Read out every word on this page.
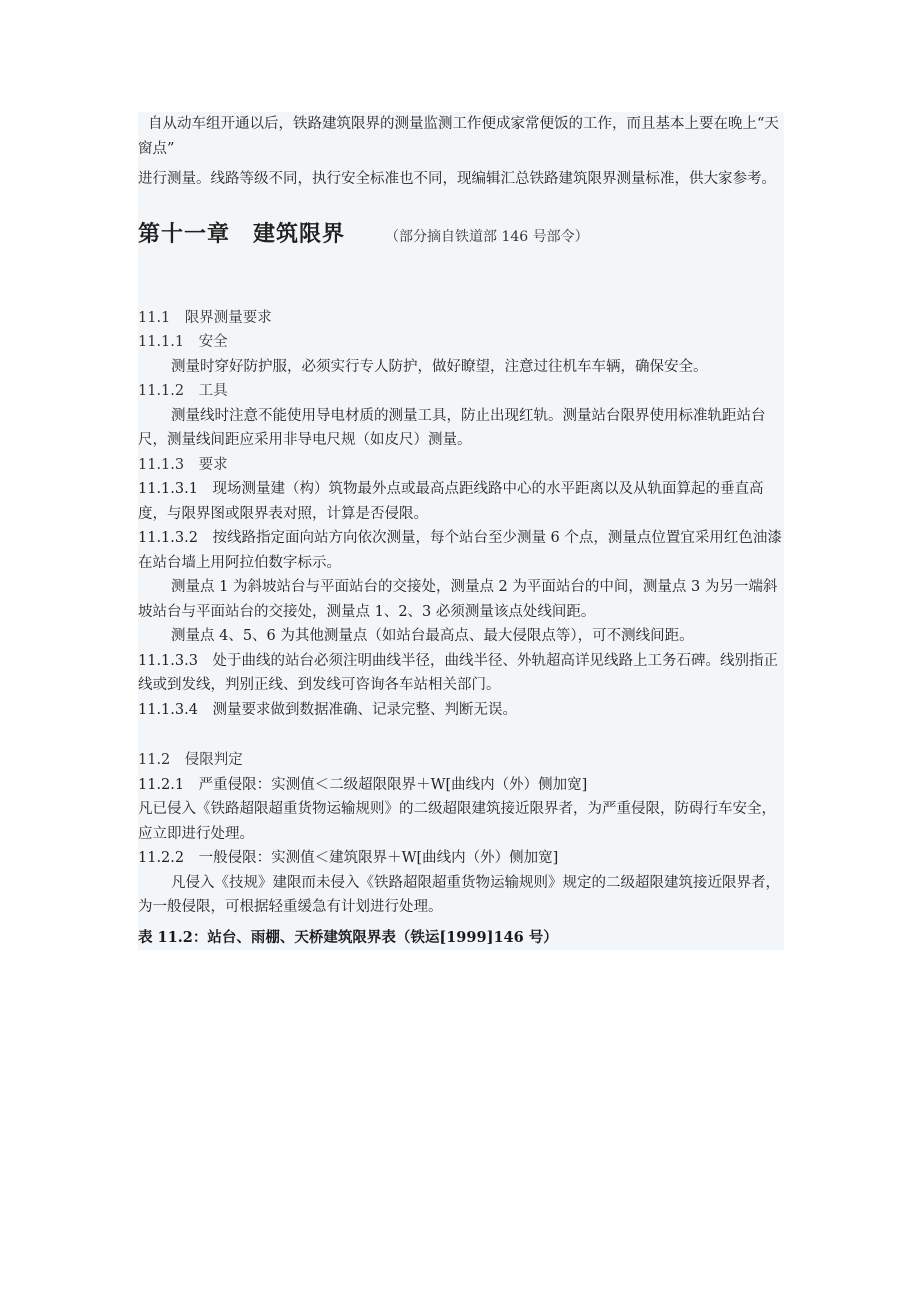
自从动车组开通以后，铁路建筑限界的测量监测工作便成家常便饭的工作，而且基本上要在晚上“天窗点”

进行测量。线路等级不同，执行安全标准也不同，现编辑汇总铁路建筑限界测量标准，供大家参考。

第十一章　建筑限界	（部分摘自铁道部 146 号部令）

11.1　限界测量要求

11.1.1　安全

测量时穿好防护服，必须实行专人防护，做好瞭望，注意过往机车车辆，确保安全。

11.1.2　工具

测量线时注意不能使用导电材质的测量工具，防止出现红轨。测量站台限界使用标准轨距站台尺，测量线间距应采用非导电尺规（如皮尺）测量。

11.1.3　要求

11.1.3.1　现场测量建（构）筑物最外点或最高点距线路中心的水平距离以及从轨面算起的垂直高度，与限界图或限界表对照，计算是否侵限。

11.1.3.2　按线路指定面向站方向依次测量，每个站台至少测量 6 个点，测量点位置宜采用红色油漆在站台墙上用阿拉伯数字标示。

测量点 1 为斜坡站台与平面站台的交接处，测量点 2 为平面站台的中间，测量点 3 为另一端斜坡站台与平面站台的交接处，测量点 1、2、3 必须测量该点处线间距。

测量点 4、5、6 为其他测量点（如站台最高点、最大侵限点等），可不测线间距。

11.1.3.3　处于曲线的站台必须注明曲线半径，曲线半径、外轨超高详见线路上工务石碑。线别指正线或到发线，判别正线、到发线可咨询各车站相关部门。

11.1.3.4　测量要求做到数据准确、记录完整、判断无误。

11.2　侵限判定

11.2.1　严重侵限：实测值＜二级超限限界＋W[曲线内（外）侧加宽]

凡已侵入《铁路超限超重货物运输规则》的二级超限建筑接近限界者，为严重侵限，防碍行车安全，应立即进行处理。

11.2.2　一般侵限：实测值＜建筑限界＋W[曲线内（外）侧加宽]

凡侵入《技规》建限而未侵入《铁路超限超重货物运输规则》规定的二级超限建筑接近限界者，为一般侵限，可根据轻重缓急有计划进行处理。

表 11.2：站台、雨棚、天桥建筑限界表（铁运[1999]146 号）
